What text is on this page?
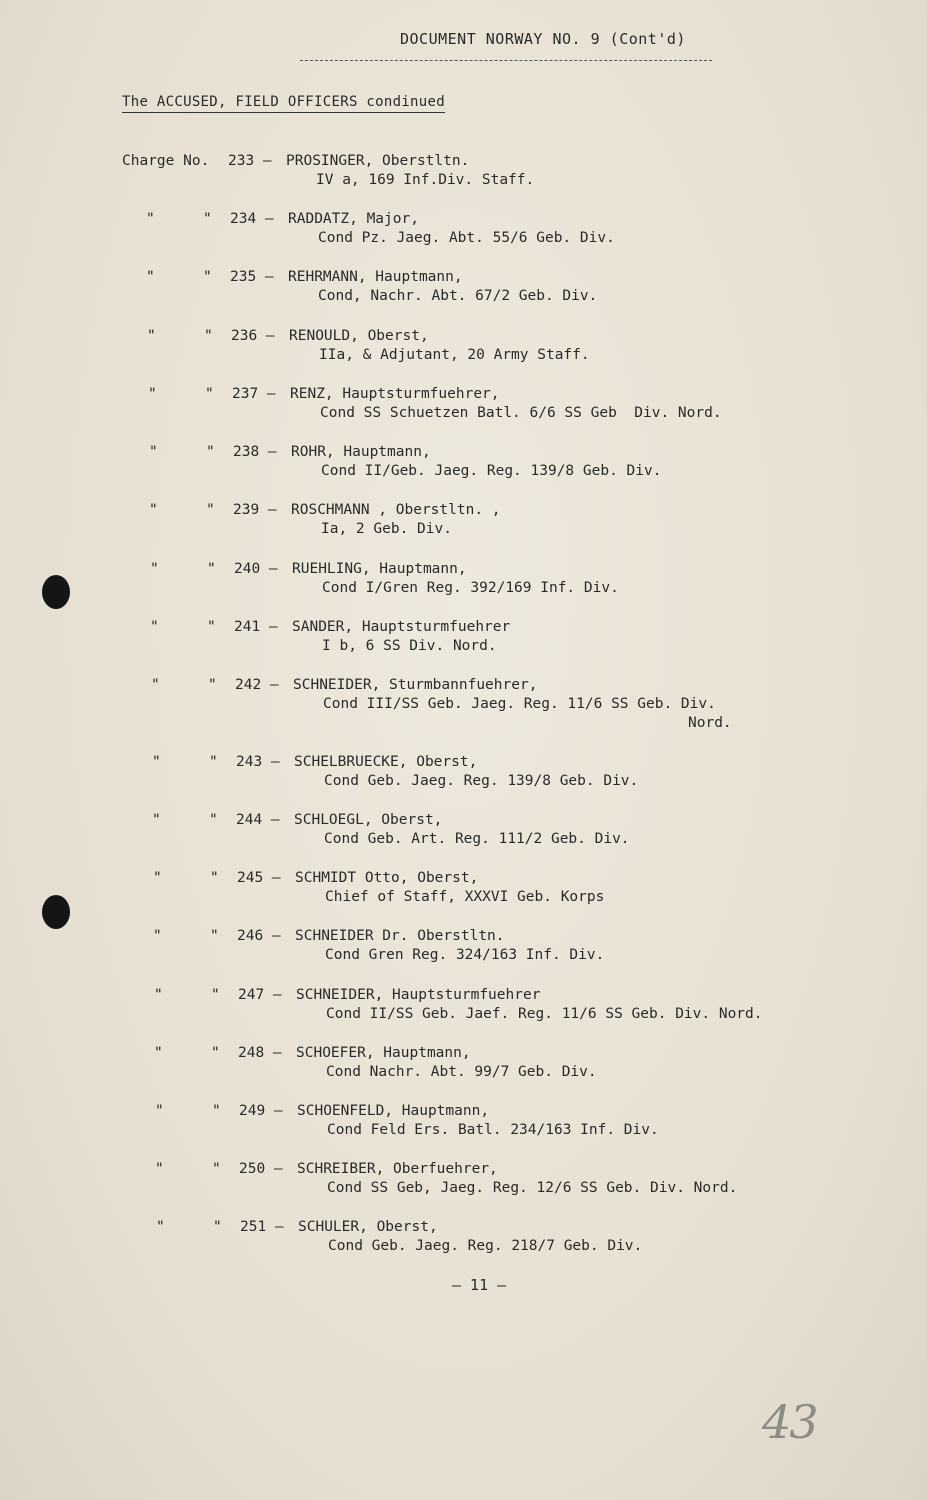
DOCUMENT NORWAY NO. 9 (Cont'd)
The ACCUSED, FIELD OFFICERS condinued
Charge No. 233 – PROSINGER, Oberstltn.
IV a, 169 Inf.Div. Staff.
"	" 234 – RADDATZ, Major,
Cond Pz. Jaeg. Abt. 55/6 Geb. Div.
"	" 235 – REHRMANN, Hauptmann,
Cond, Nachr. Abt. 67/2 Geb. Div.
"	" 236 – RENOULD, Oberst,
IIa, & Adjutant, 20 Army Staff.
"	" 237 – RENZ, Hauptsturmfuehrer,
Cond SS Schuetzen Batl. 6/6 SS Geb  Div. Nord.
"	" 238 – ROHR, Hauptmann,
Cond II/Geb. Jaeg. Reg. 139/8 Geb. Div.
"	" 239 – ROSCHMANN , Oberstltn. ,
Ia, 2 Geb. Div.
"	" 240 – RUEHLING, Hauptmann,
Cond I/Gren Reg. 392/169 Inf. Div.
"	" 241 – SANDER, Hauptsturmfuehrer
I b, 6 SS Div. Nord.
"	" 242 – SCHNEIDER, Sturmbannfuehrer,
Cond III/SS Geb. Jaeg. Reg. 11/6 SS Geb. Div.
Nord.
"	" 243 – SCHELBRUECKE, Oberst,
Cond Geb. Jaeg. Reg. 139/8 Geb. Div.
"	" 244 – SCHLOEGL, Oberst,
Cond Geb. Art. Reg. 111/2 Geb. Div.
"	" 245 – SCHMIDT Otto, Oberst,
Chief of Staff, XXXVI Geb. Korps
"	" 246 – SCHNEIDER Dr. Oberstltn.
Cond Gren Reg. 324/163 Inf. Div.
"	" 247 – SCHNEIDER, Hauptsturmfuehrer
Cond II/SS Geb. Jaef. Reg. 11/6 SS Geb. Div. Nord.
"	" 248 – SCHOEFER, Hauptmann,
Cond Nachr. Abt. 99/7 Geb. Div.
"	" 249 – SCHOENFELD, Hauptmann,
Cond Feld Ers. Batl. 234/163 Inf. Div.
"	" 250 – SCHREIBER, Oberfuehrer,
Cond SS Geb, Jaeg. Reg. 12/6 SS Geb. Div. Nord.
"	" 251 – SCHULER, Oberst,
Cond Geb. Jaeg. Reg. 218/7 Geb. Div.
– 11 –
43
